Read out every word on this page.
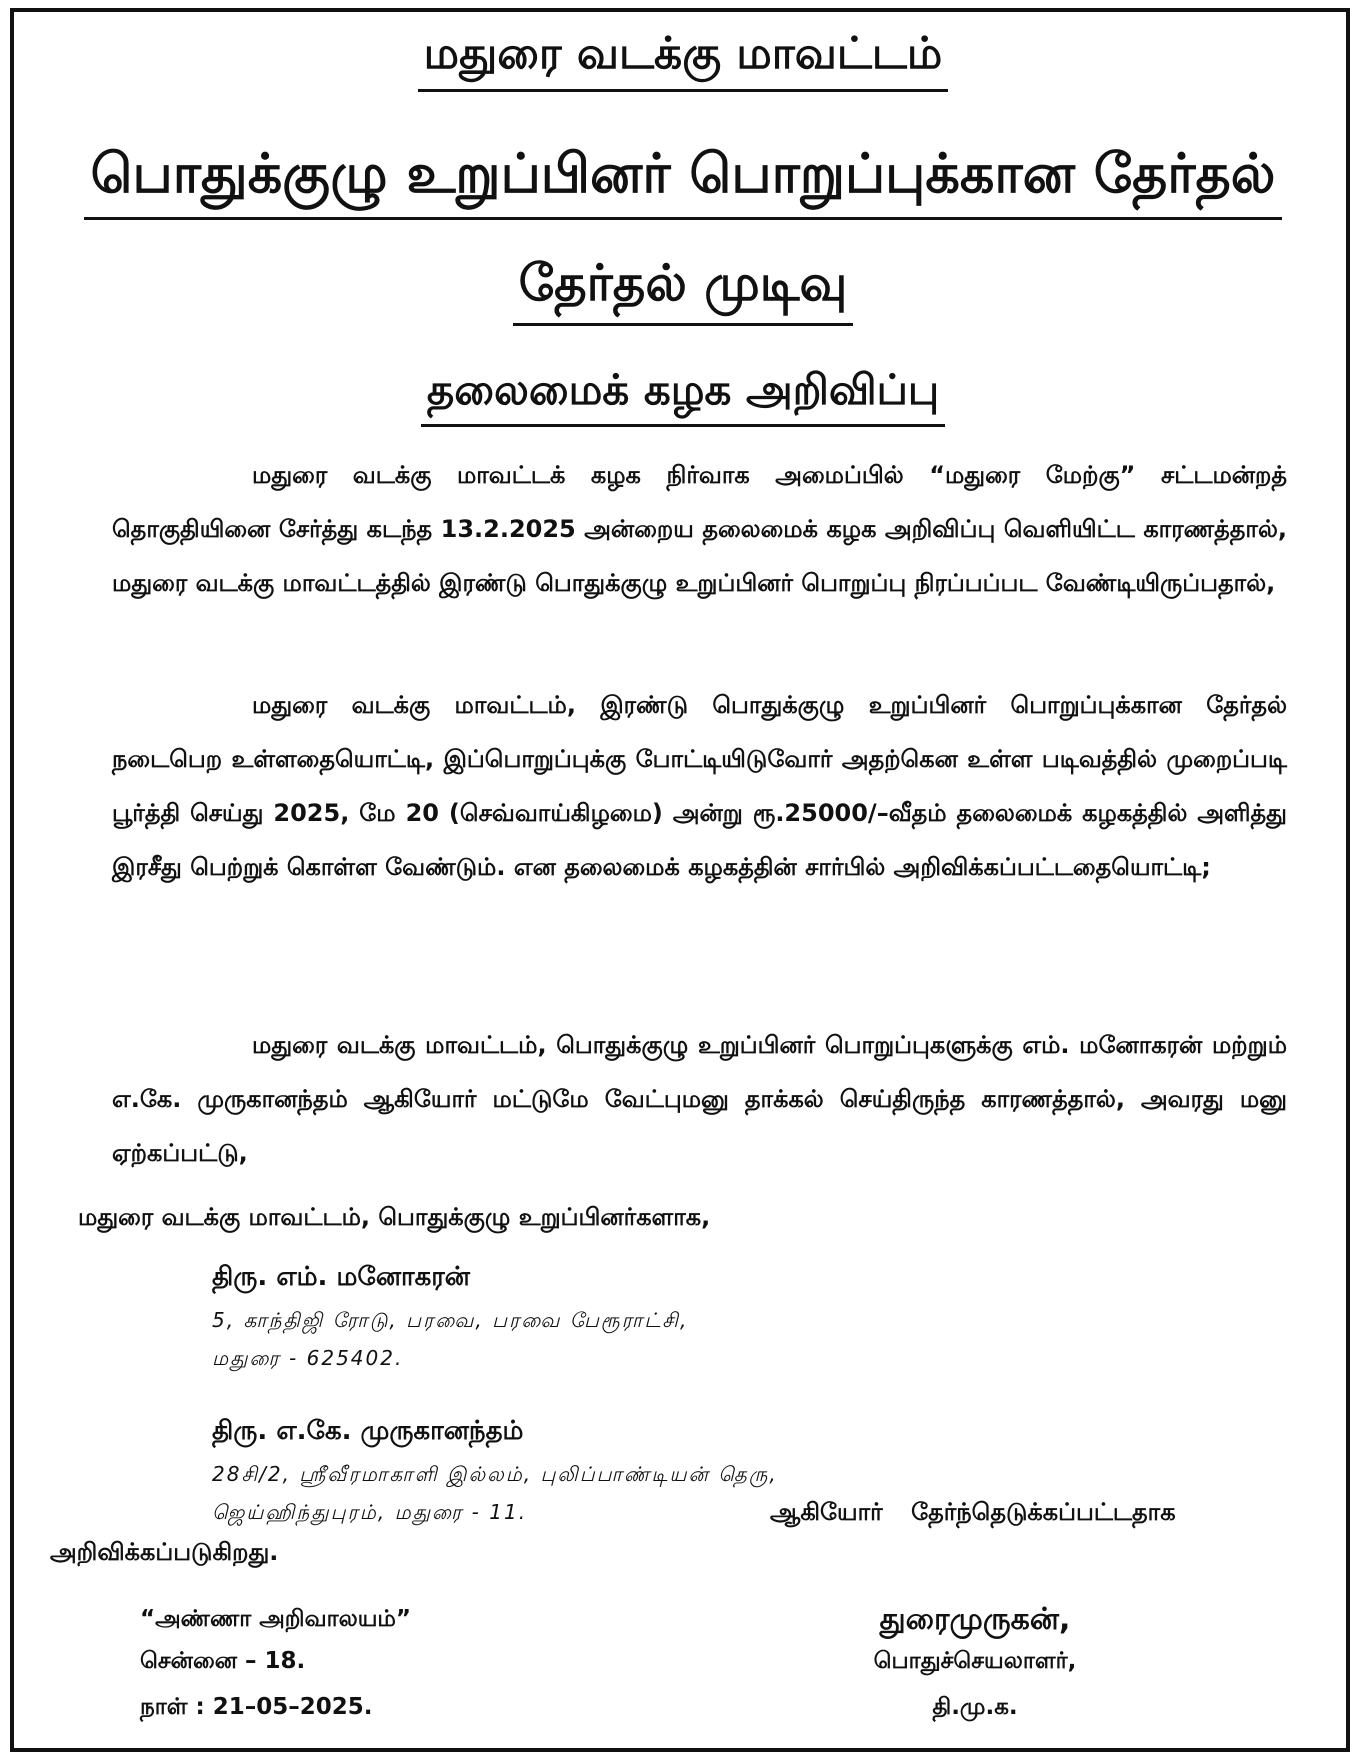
மதுரை வடக்கு மாவட்டம்
பொதுக்குழு உறுப்பினர் பொறுப்புக்கான தேர்தல்
தேர்தல் முடிவு
தலைமைக் கழக அறிவிப்பு

மதுரை வடக்கு மாவட்டக் கழக நிர்வாக அமைப்பில் “மதுரை மேற்கு” சட்டமன்றத் தொகுதியினை சேர்த்து கடந்த 13.2.2025 அன்றைய தலைமைக் கழக அறிவிப்பு வெளியிட்ட காரணத்தால், மதுரை வடக்கு மாவட்டத்தில் இரண்டு பொதுக்குழு உறுப்பினர் பொறுப்பு நிரப்பப்பட வேண்டியிருப்பதால்,

மதுரை வடக்கு மாவட்டம், இரண்டு பொதுக்குழு உறுப்பினர் பொறுப்புக்கான தேர்தல் நடைபெற உள்ளதையொட்டி, இப்பொறுப்புக்கு போட்டியிடுவோர் அதற்கென உள்ள படிவத்தில் முறைப்படி பூர்த்தி செய்து 2025, மே 20 (செவ்வாய்கிழமை) அன்று ரூ.25000/–வீதம் தலைமைக் கழகத்தில் அளித்து இரசீது பெற்றுக் கொள்ள வேண்டும். என தலைமைக் கழகத்தின் சார்பில் அறிவிக்கப்பட்டதையொட்டி;

மதுரை வடக்கு மாவட்டம், பொதுக்குழு உறுப்பினர் பொறுப்புகளுக்கு எம். மனோகரன் மற்றும் எ.கே. முருகானந்தம் ஆகியோர் மட்டுமே வேட்புமனு தாக்கல் செய்திருந்த காரணத்தால், அவரது மனு ஏற்கப்பட்டு,

மதுரை வடக்கு மாவட்டம், பொதுக்குழு உறுப்பினர்களாக,

திரு. எம். மனோகரன்

5, காந்திஜி ரோடு, பரவை, பரவை பேரூராட்சி,

மதுரை - 625402.

திரு. எ.கே. முருகானந்தம்

28சி/2, ஸ்ரீவீரமாகாளி இல்லம், புலிப்பாண்டியன் தெரு,

ஜெய்ஹிந்துபுரம், மதுரை - 11.	ஆகியோர் தேர்ந்தெடுக்கப்பட்டதாக

அறிவிக்கப்படுகிறது.

“அண்ணா அறிவாலயம்”

சென்னை – 18.

நாள் : 21–05–2025.

துரைமுருகன்,

பொதுச்செயலாளர்,

தி.மு.க.
